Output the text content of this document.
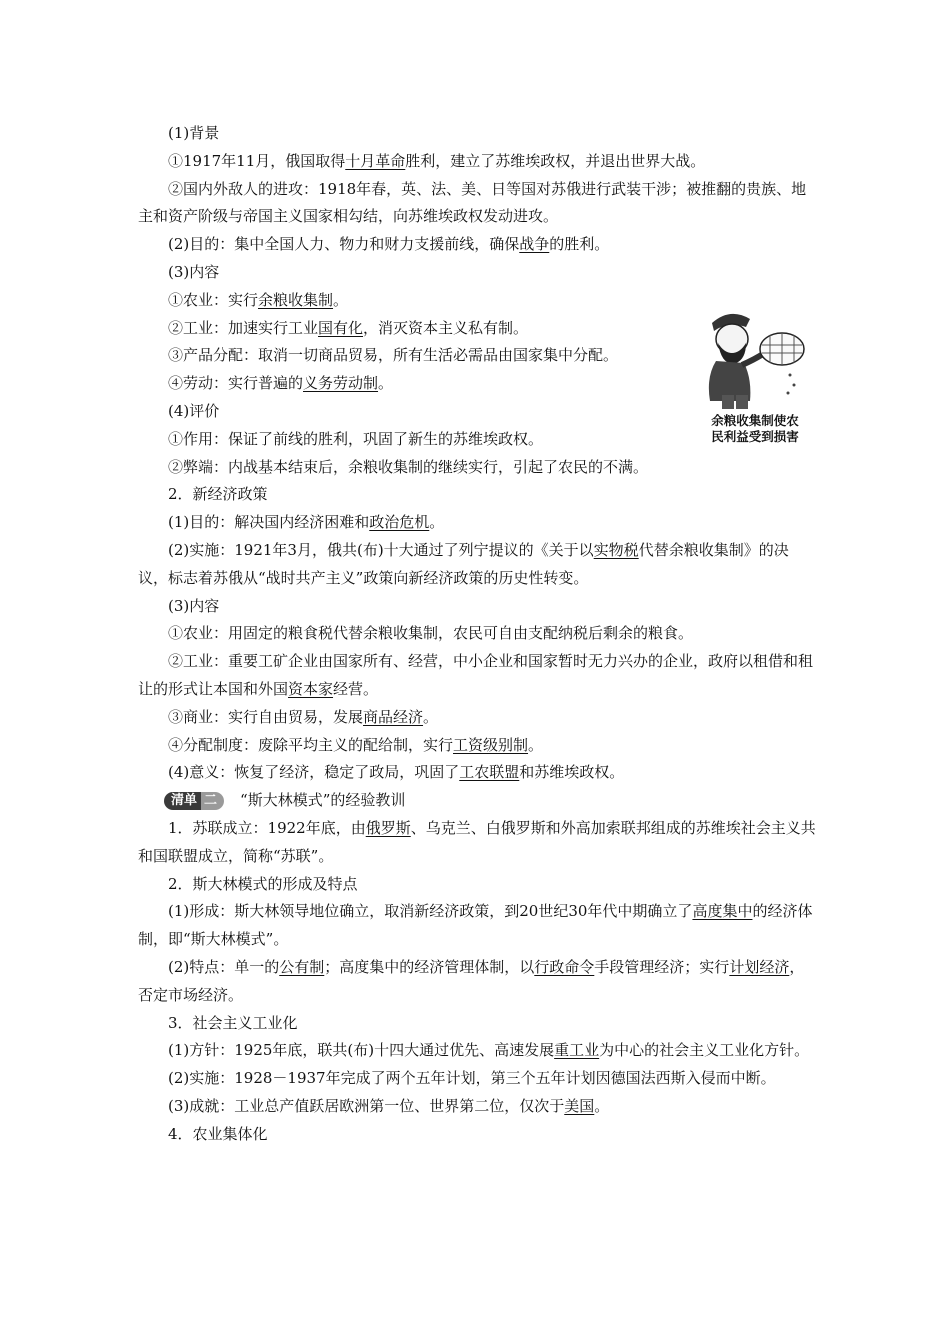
(1)背景

①1917年11月，俄国取得十月革命胜利，建立了苏维埃政权，并退出世界大战。

②国内外敌人的进攻：1918年春，英、法、美、日等国对苏俄进行武装干涉；被推翻的贵族、地主和资产阶级与帝国主义国家相勾结，向苏维埃政权发动进攻。

(2)目的：集中全国人力、物力和财力支援前线，确保战争的胜利。

(3)内容

①农业：实行余粮收集制。

②工业：加速实行工业国有化，消灭资本主义私有制。

③产品分配：取消一切商品贸易，所有生活必需品由国家集中分配。

④劳动：实行普遍的义务劳动制。

(4)评价

①作用：保证了前线的胜利，巩固了新生的苏维埃政权。

②弊端：内战基本结束后，余粮收集制的继续实行，引起了农民的不满。

2．新经济政策

(1)目的：解决国内经济困难和政治危机。

(2)实施：1921年3月，俄共(布)十大通过了列宁提议的《关于以实物税代替余粮收集制》的决议，标志着苏俄从“战时共产主义”政策向新经济政策的历史性转变。

(3)内容

①农业：用固定的粮食税代替余粮收集制，农民可自由支配纳税后剩余的粮食。

②工业：重要工矿企业由国家所有、经营，中小企业和国家暂时无力兴办的企业，政府以租借和租让的形式让本国和外国资本家经营。

③商业：实行自由贸易，发展商品经济。

④分配制度：废除平均主义的配给制，实行工资级别制。

(4)意义：恢复了经济，稳定了政局，巩固了工农联盟和苏维埃政权。

清单 二	“斯大林模式”的经验教训

1．苏联成立：1922年底，由俄罗斯、乌克兰、白俄罗斯和外高加索联邦组成的苏维埃社会主义共和国联盟成立，简称“苏联”。

2．斯大林模式的形成及特点

(1)形成：斯大林领导地位确立，取消新经济政策，到20世纪30年代中期确立了高度集中的经济体制，即“斯大林模式”。

(2)特点：单一的公有制；高度集中的经济管理体制，以行政命令手段管理经济；实行计划经济，否定市场经济。

3．社会主义工业化

(1)方针：1925年底，联共(布)十四大通过优先、高速发展重工业为中心的社会主义工业化方针。

(2)实施：1928－1937年完成了两个五年计划，第三个五年计划因德国法西斯入侵而中断。

(3)成就：工业总产值跃居欧洲第一位、世界第二位，仅次于美国。

4．农业集体化

余粮收集制使农
民利益受到损害
